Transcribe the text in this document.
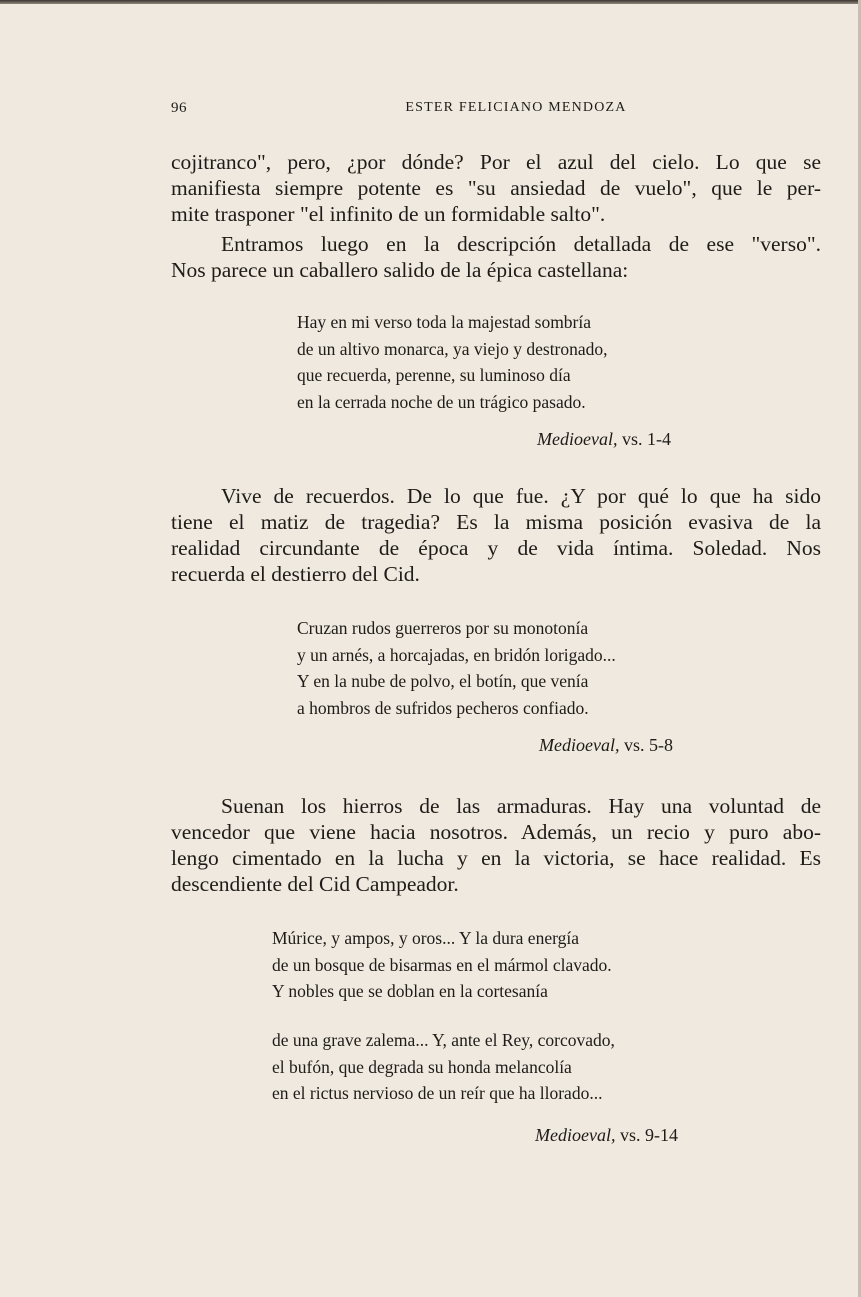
96	ESTER FELICIANO MENDOZA
cojitranco", pero, ¿por dónde? Por el azul del cielo. Lo que se
manifiesta siempre potente es "su ansiedad de vuelo", que le per-
mite trasponer "el infinito de un formidable salto".
Entramos luego en la descripción detallada de ese "verso".
Nos parece un caballero salido de la épica castellana:
Hay en mi verso toda la majestad sombría
de un altivo monarca, ya viejo y destronado,
que recuerda, perenne, su luminoso día
en la cerrada noche de un trágico pasado.
Medioeval, vs. 1-4
Vive de recuerdos. De lo que fue. ¿Y por qué lo que ha sido
tiene el matiz de tragedia? Es la misma posición evasiva de la
realidad circundante de época y de vida íntima. Soledad. Nos
recuerda el destierro del Cid.
Cruzan rudos guerreros por su monotonía
y un arnés, a horcajadas, en bridón lorigado...
Y en la nube de polvo, el botín, que venía
a hombros de sufridos pecheros confiado.
Medioeval, vs. 5-8
Suenan los hierros de las armaduras. Hay una voluntad de
vencedor que viene hacia nosotros. Además, un recio y puro abo-
lengo cimentado en la lucha y en la victoria, se hace realidad. Es
descendiente del Cid Campeador.
Múrice, y ampos, y oros... Y la dura energía
de un bosque de bisarmas en el mármol clavado.
Y nobles que se doblan en la cortesanía
de una grave zalema... Y, ante el Rey, corcovado,
el bufón, que degrada su honda melancolía
en el rictus nervioso de un reír que ha llorado...
Medioeval, vs. 9-14
